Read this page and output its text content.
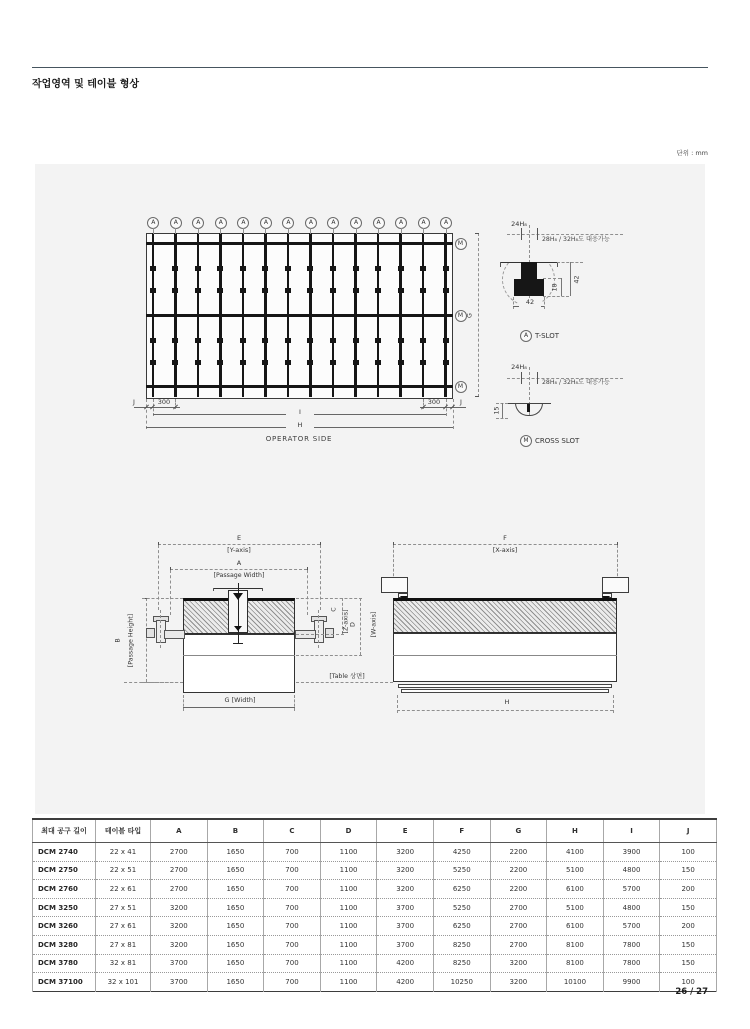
작업영역 및 테이블 형상
단위 : mm
A	A	A	A	A	A	A	A	A	A	A	A	A	A
M
M
M
G
J	300	300	J
I
H
OPERATOR SIDE
24H₈
28H₈ / 32H₈도 대응가능
42
18
42
A T-SLOT
24H₈
28H₈ / 32H₈도 대응가능
15
M CROSS SLOT
E
[Y-axis]
A
[Passage Width]
B [Passage Height]
C [Z-axis] D [W-axis]
G [Width]
[Table 상면]
F
[X-axis]
H
최대 공구 길이	테이블 타입	A	B	C	D	E	F	G	H	I	J
DCM 2740	22 x 41	2700	1650	700	1100	3200	4250	2200	4100	3900	100
DCM 2750	22 x 51	2700	1650	700	1100	3200	5250	2200	5100	4800	150
DCM 2760	22 x 61	2700	1650	700	1100	3200	6250	2200	6100	5700	200
DCM 3250	27 x 51	3200	1650	700	1100	3700	5250	2700	5100	4800	150
DCM 3260	27 x 61	3200	1650	700	1100	3700	6250	2700	6100	5700	200
DCM 3280	27 x 81	3200	1650	700	1100	3700	8250	2700	8100	7800	150
DCM 3780	32 x 81	3700	1650	700	1100	4200	8250	3200	8100	7800	150
DCM 37100	32 x 101	3700	1650	700	1100	4200	10250	3200	10100	9900	100
26 / 27
